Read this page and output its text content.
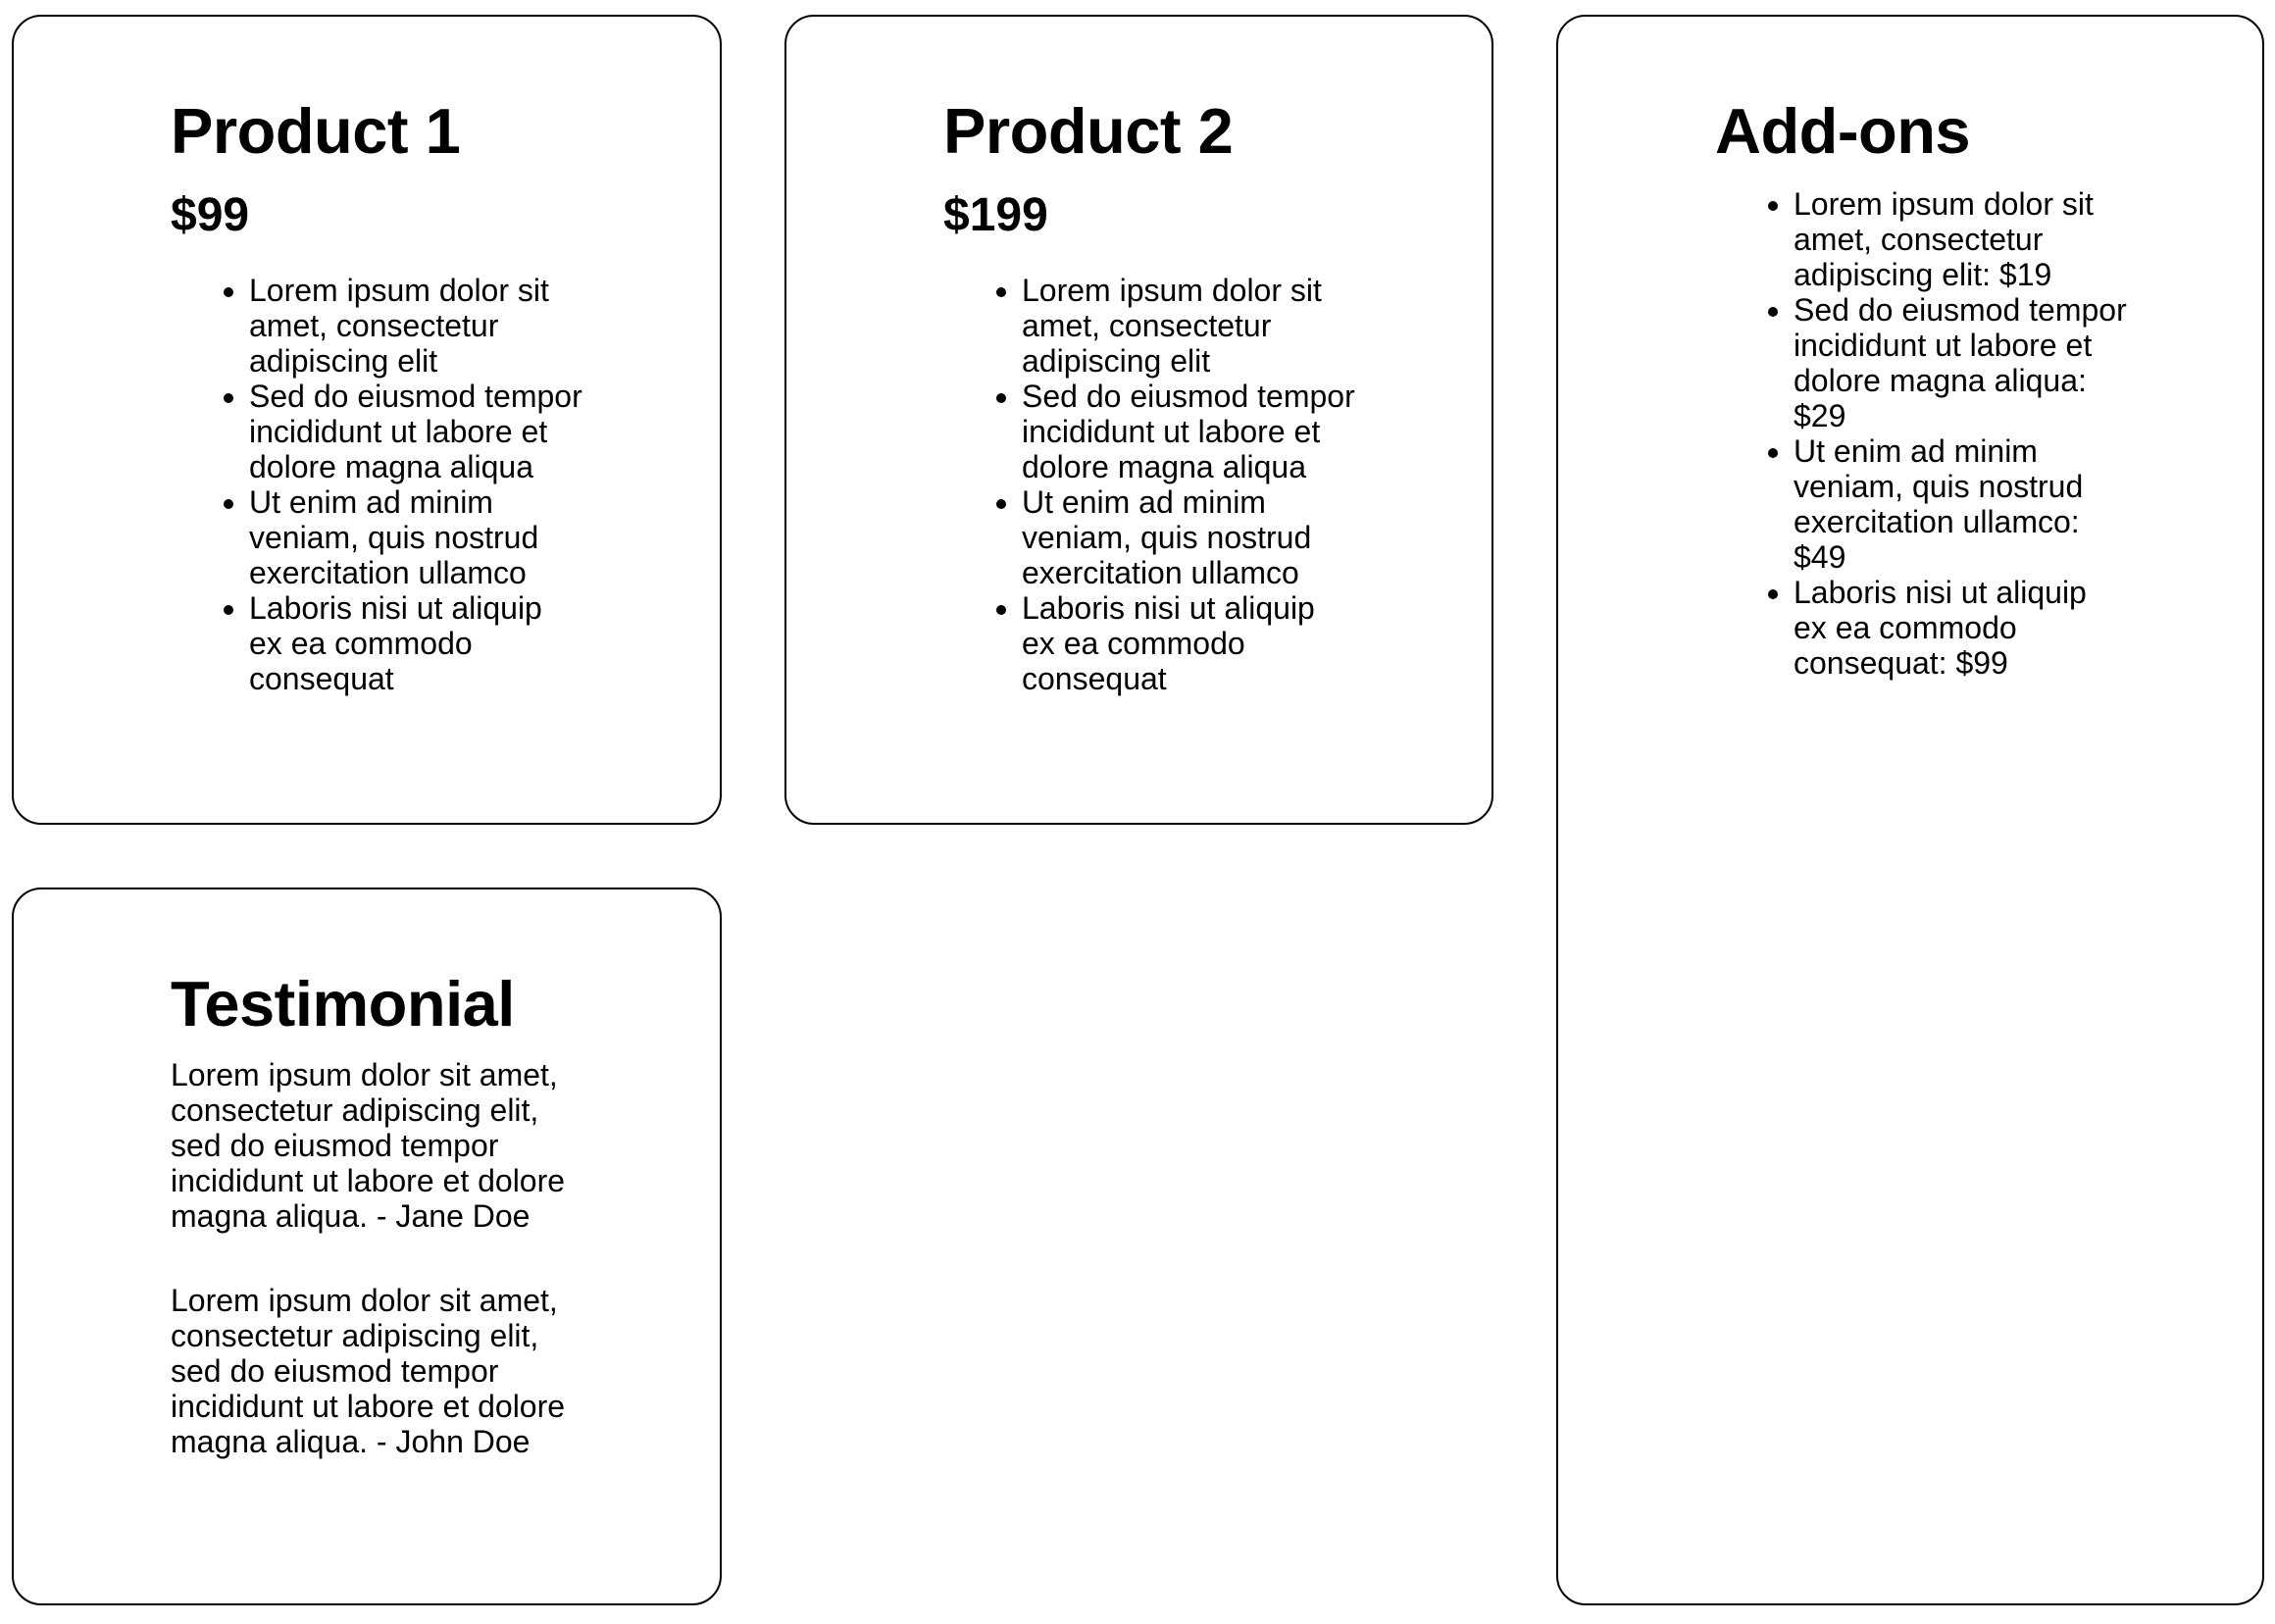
Product 1
$99
• Lorem ipsum dolor sit amet, consectetur adipiscing elit
• Sed do eiusmod tempor incididunt ut labore et dolore magna aliqua
• Ut enim ad minim veniam, quis nostrud exercitation ullamco
• Laboris nisi ut aliquip ex ea commodo consequat
Product 2
$199
• Lorem ipsum dolor sit amet, consectetur adipiscing elit
• Sed do eiusmod tempor incididunt ut labore et dolore magna aliqua
• Ut enim ad minim veniam, quis nostrud exercitation ullamco
• Laboris nisi ut aliquip ex ea commodo consequat
Add-ons
• Lorem ipsum dolor sit amet, consectetur adipiscing elit: $19
• Sed do eiusmod tempor incididunt ut labore et dolore magna aliqua: $29
• Ut enim ad minim veniam, quis nostrud exercitation ullamco: $49
• Laboris nisi ut aliquip ex ea commodo consequat: $99
Testimonial

Lorem ipsum dolor sit amet, consectetur adipiscing elit, sed do eiusmod tempor incididunt ut labore et dolore magna aliqua. - Jane Doe

Lorem ipsum dolor sit amet, consectetur adipiscing elit, sed do eiusmod tempor incididunt ut labore et dolore magna aliqua. - John Doe
